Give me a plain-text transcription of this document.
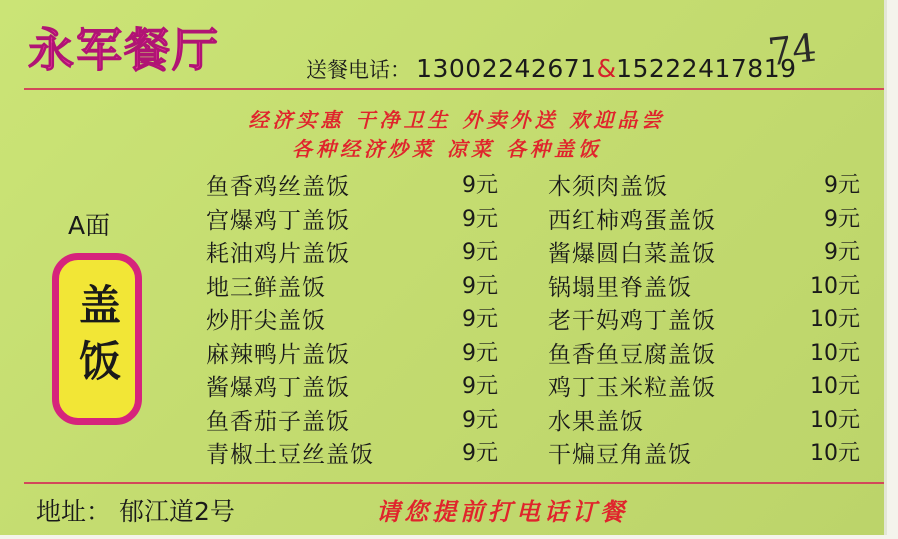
永军餐厅	送餐电话： 13002242671&15222417819
74
经济实惠 干净卫生 外卖外送 欢迎品尝
各种经济炒菜 凉菜 各种盖饭
A面
盖饭
鱼香鸡丝盖饭	9元
宫爆鸡丁盖饭	9元
耗油鸡片盖饭	9元
地三鲜盖饭	9元
炒肝尖盖饭	9元
麻辣鸭片盖饭	9元
酱爆鸡丁盖饭	9元
鱼香茄子盖饭	9元
青椒土豆丝盖饭	9元
木须肉盖饭	9元
西红柿鸡蛋盖饭	9元
酱爆圆白菜盖饭	9元
锅塌里脊盖饭	10元
老干妈鸡丁盖饭	10元
鱼香鱼豆腐盖饭	10元
鸡丁玉米粒盖饭	10元
水果盖饭	10元
干煸豆角盖饭	10元
地址： 郁江道2号	请您提前打电话订餐
